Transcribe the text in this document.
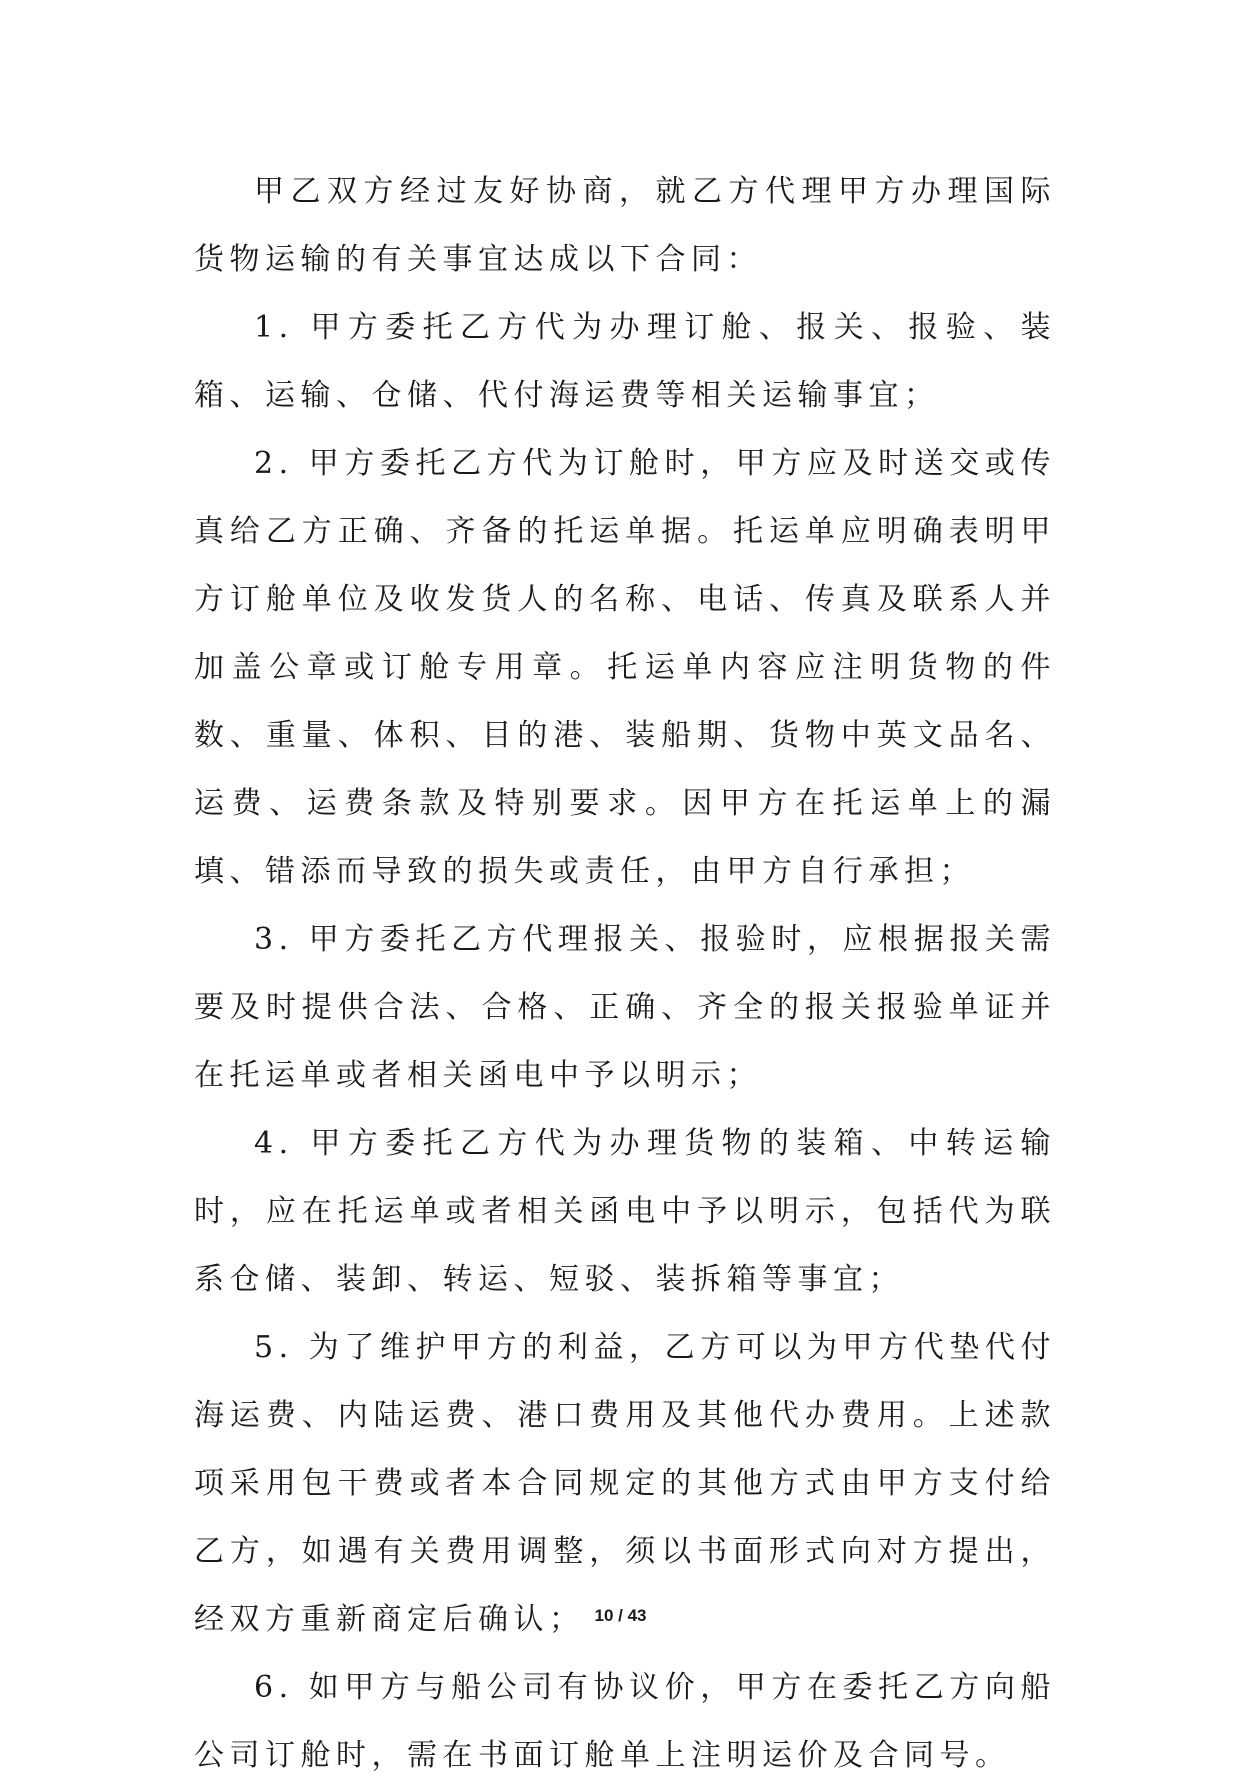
甲乙双方经过友好协商，就乙方代理甲方办理国际货物运输的有关事宜达成以下合同：

1. 甲方委托乙方代为办理订舱、报关、报验、装箱、运输、仓储、代付海运费等相关运输事宜；

2. 甲方委托乙方代为订舱时，甲方应及时送交或传真给乙方正确、齐备的托运单据。托运单应明确表明甲方订舱单位及收发货人的名称、电话、传真及联系人并加盖公章或订舱专用章。托运单内容应注明货物的件数、重量、体积、目的港、装船期、货物中英文品名、运费、运费条款及特别要求。因甲方在托运单上的漏填、错添而导致的损失或责任，由甲方自行承担；

3. 甲方委托乙方代理报关、报验时，应根据报关需要及时提供合法、合格、正确、齐全的报关报验单证并在托运单或者相关函电中予以明示；

4. 甲方委托乙方代为办理货物的装箱、中转运输时，应在托运单或者相关函电中予以明示，包括代为联系仓储、装卸、转运、短驳、装拆箱等事宜；

5. 为了维护甲方的利益，乙方可以为甲方代垫代付海运费、内陆运费、港口费用及其他代办费用。上述款项采用包干费或者本合同规定的其他方式由甲方支付给乙方，如遇有关费用调整，须以书面形式向对方提出，经双方重新商定后确认；

6. 如甲方与船公司有协议价，甲方在委托乙方向船公司订舱时，需在书面订舱单上注明运价及合同号。

10 / 43
